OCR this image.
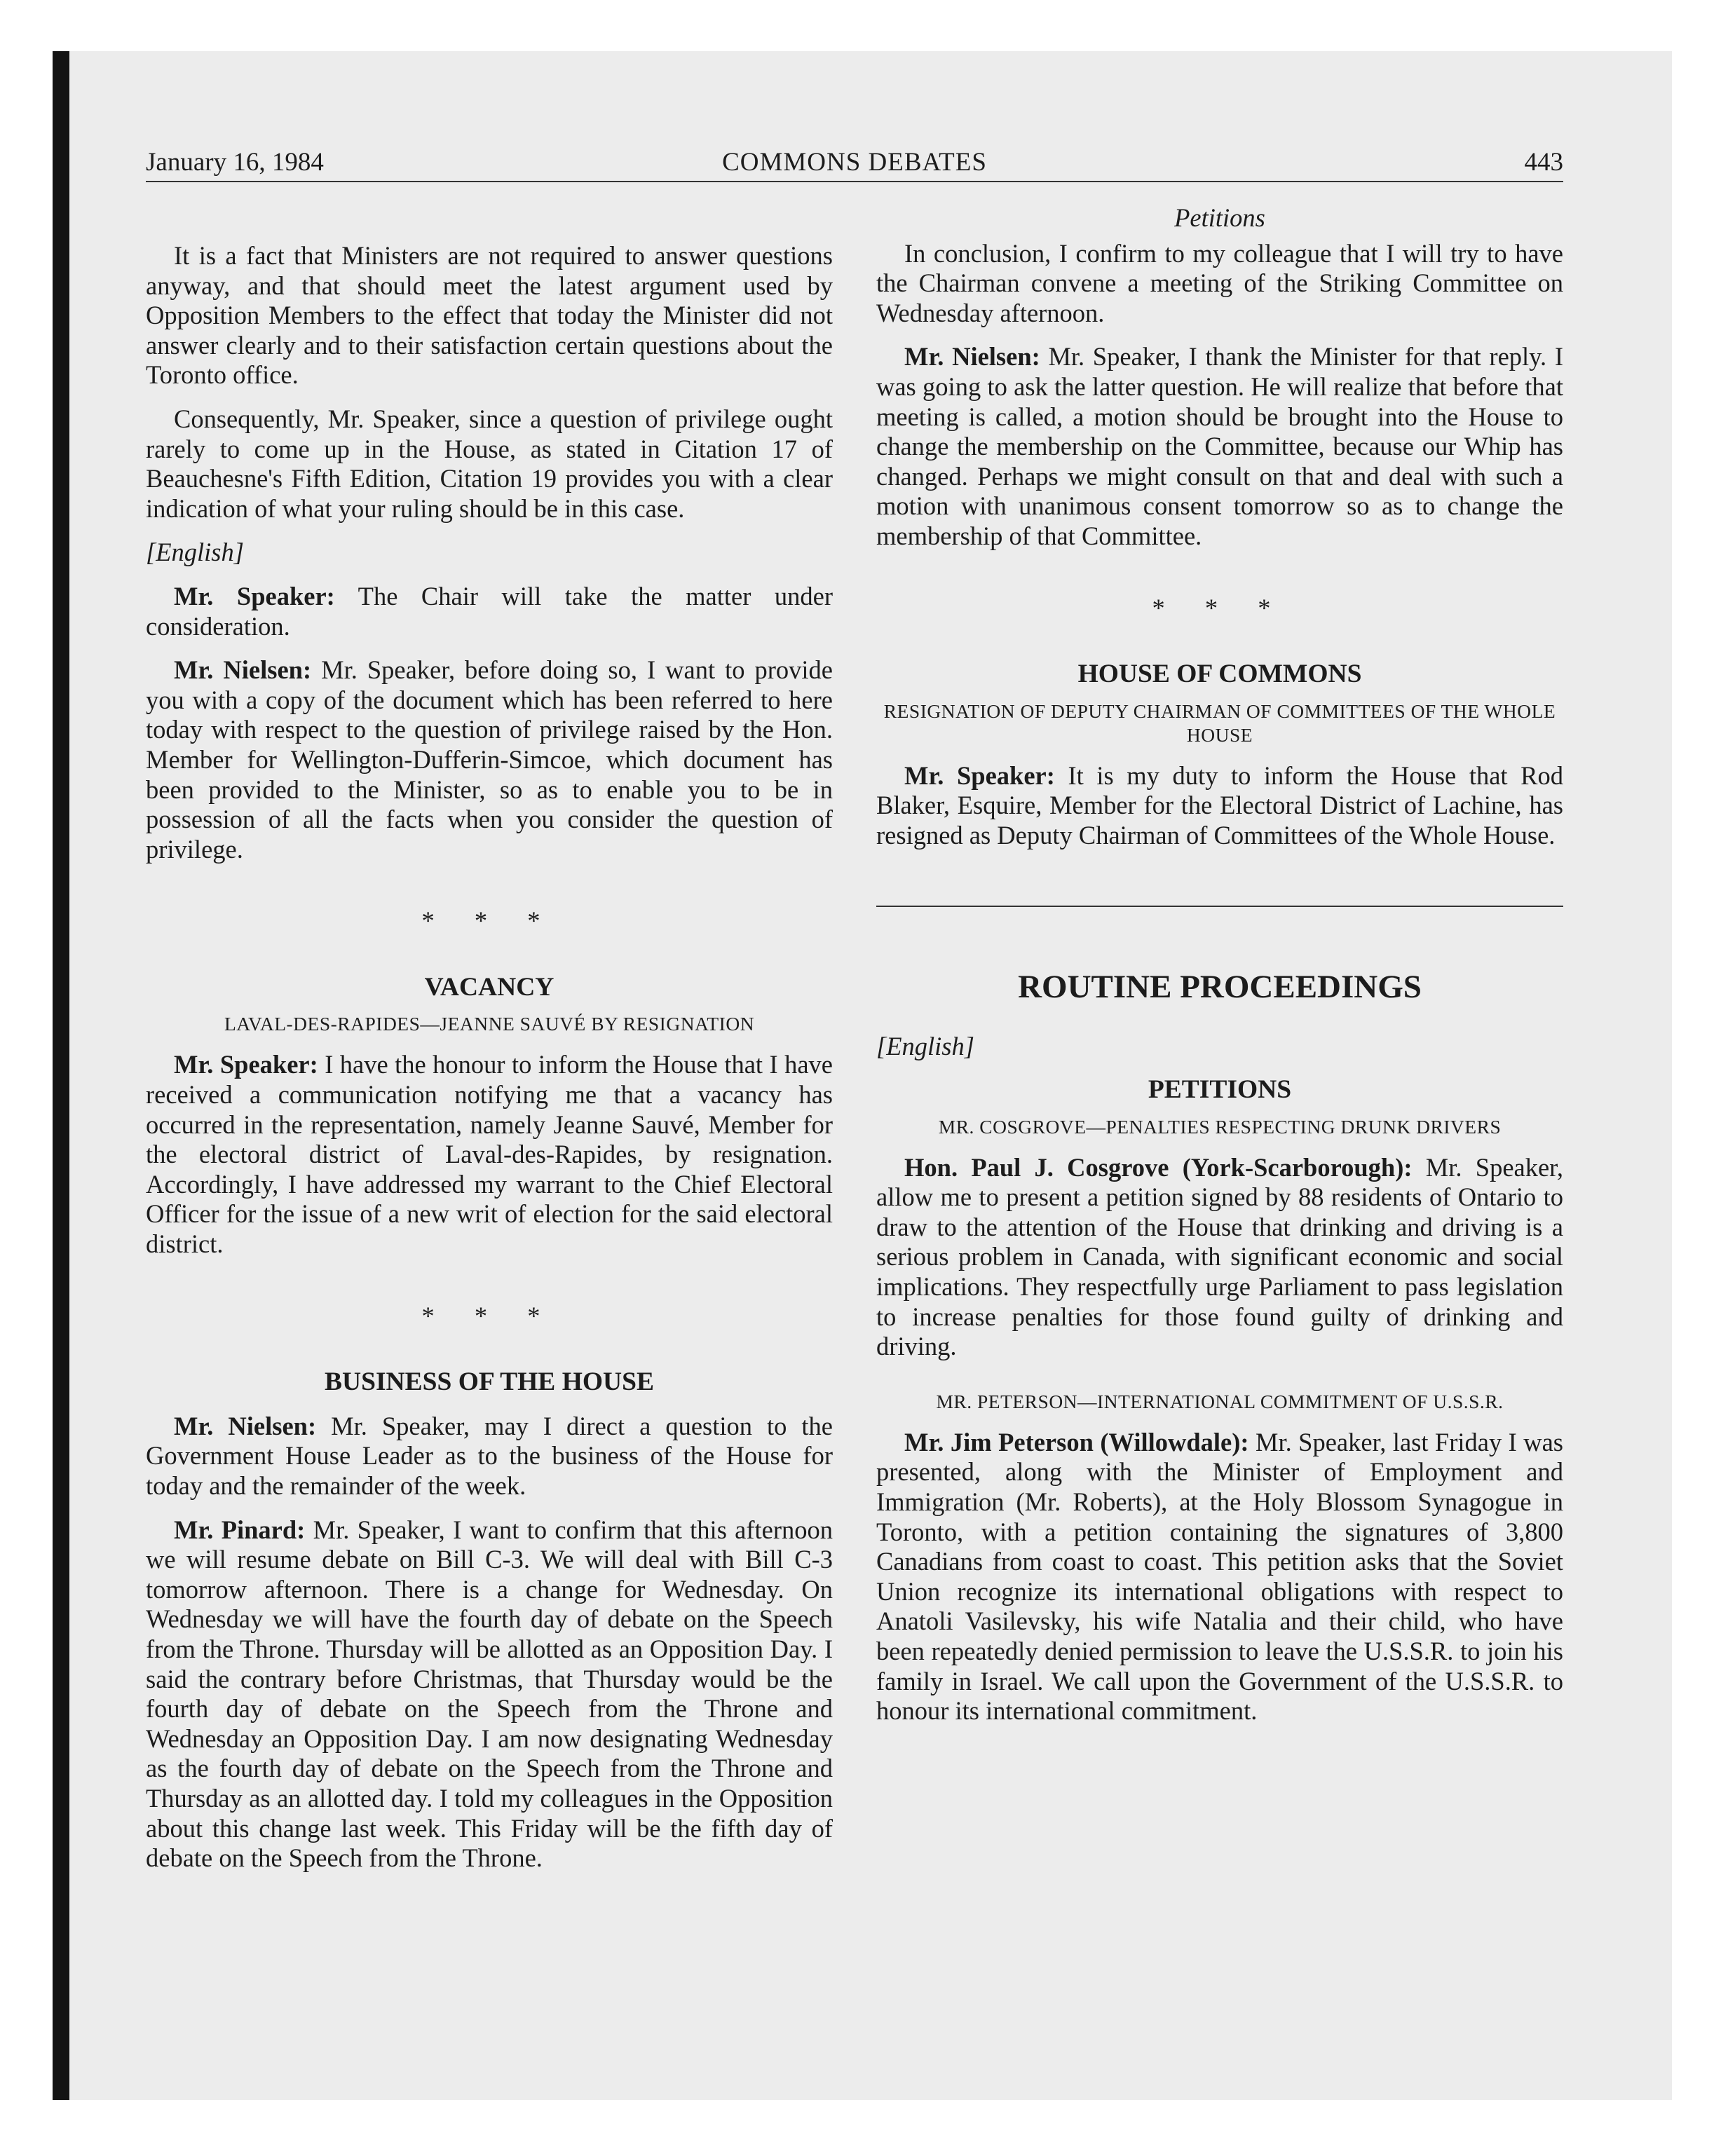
January 16, 1984	COMMONS DEBATES	443

It is a fact that Ministers are not required to answer questions anyway, and that should meet the latest argument used by Opposition Members to the effect that today the Minister did not answer clearly and to their satisfaction certain questions about the Toronto office.

Consequently, Mr. Speaker, since a question of privilege ought rarely to come up in the House, as stated in Citation 17 of Beauchesne's Fifth Edition, Citation 19 provides you with a clear indication of what your ruling should be in this case.

[English]

Mr. Speaker: The Chair will take the matter under consideration.

Mr. Nielsen: Mr. Speaker, before doing so, I want to provide you with a copy of the document which has been referred to here today with respect to the question of privilege raised by the Hon. Member for Wellington-Dufferin-Simcoe, which document has been provided to the Minister, so as to enable you to be in possession of all the facts when you consider the question of privilege.

* * *

VACANCY

LAVAL-DES-RAPIDES—JEANNE SAUVÉ BY RESIGNATION

Mr. Speaker: I have the honour to inform the House that I have received a communication notifying me that a vacancy has occurred in the representation, namely Jeanne Sauvé, Member for the electoral district of Laval-des-Rapides, by resignation. Accordingly, I have addressed my warrant to the Chief Electoral Officer for the issue of a new writ of election for the said electoral district.

* * *

BUSINESS OF THE HOUSE

Mr. Nielsen: Mr. Speaker, may I direct a question to the Government House Leader as to the business of the House for today and the remainder of the week.

Mr. Pinard: Mr. Speaker, I want to confirm that this afternoon we will resume debate on Bill C-3. We will deal with Bill C-3 tomorrow afternoon. There is a change for Wednesday. On Wednesday we will have the fourth day of debate on the Speech from the Throne. Thursday will be allotted as an Opposition Day. I said the contrary before Christmas, that Thursday would be the fourth day of debate on the Speech from the Throne and Wednesday an Opposition Day. I am now designating Wednesday as the fourth day of debate on the Speech from the Throne and Thursday as an allotted day. I told my colleagues in the Opposition about this change last week. This Friday will be the fifth day of debate on the Speech from the Throne.

Petitions

In conclusion, I confirm to my colleague that I will try to have the Chairman convene a meeting of the Striking Committee on Wednesday afternoon.

Mr. Nielsen: Mr. Speaker, I thank the Minister for that reply. I was going to ask the latter question. He will realize that before that meeting is called, a motion should be brought into the House to change the membership on the Committee, because our Whip has changed. Perhaps we might consult on that and deal with such a motion with unanimous consent tomorrow so as to change the membership of that Committee.

* * *

HOUSE OF COMMONS

RESIGNATION OF DEPUTY CHAIRMAN OF COMMITTEES OF THE WHOLE HOUSE

Mr. Speaker: It is my duty to inform the House that Rod Blaker, Esquire, Member for the Electoral District of Lachine, has resigned as Deputy Chairman of Committees of the Whole House.

ROUTINE PROCEEDINGS

[English]

PETITIONS

MR. COSGROVE—PENALTIES RESPECTING DRUNK DRIVERS

Hon. Paul J. Cosgrove (York-Scarborough): Mr. Speaker, allow me to present a petition signed by 88 residents of Ontario to draw to the attention of the House that drinking and driving is a serious problem in Canada, with significant economic and social implications. They respectfully urge Parliament to pass legislation to increase penalties for those found guilty of drinking and driving.

MR. PETERSON—INTERNATIONAL COMMITMENT OF U.S.S.R.

Mr. Jim Peterson (Willowdale): Mr. Speaker, last Friday I was presented, along with the Minister of Employment and Immigration (Mr. Roberts), at the Holy Blossom Synagogue in Toronto, with a petition containing the signatures of 3,800 Canadians from coast to coast. This petition asks that the Soviet Union recognize its international obligations with respect to Anatoli Vasilevsky, his wife Natalia and their child, who have been repeatedly denied permission to leave the U.S.S.R. to join his family in Israel. We call upon the Government of the U.S.S.R. to honour its international commitment.
